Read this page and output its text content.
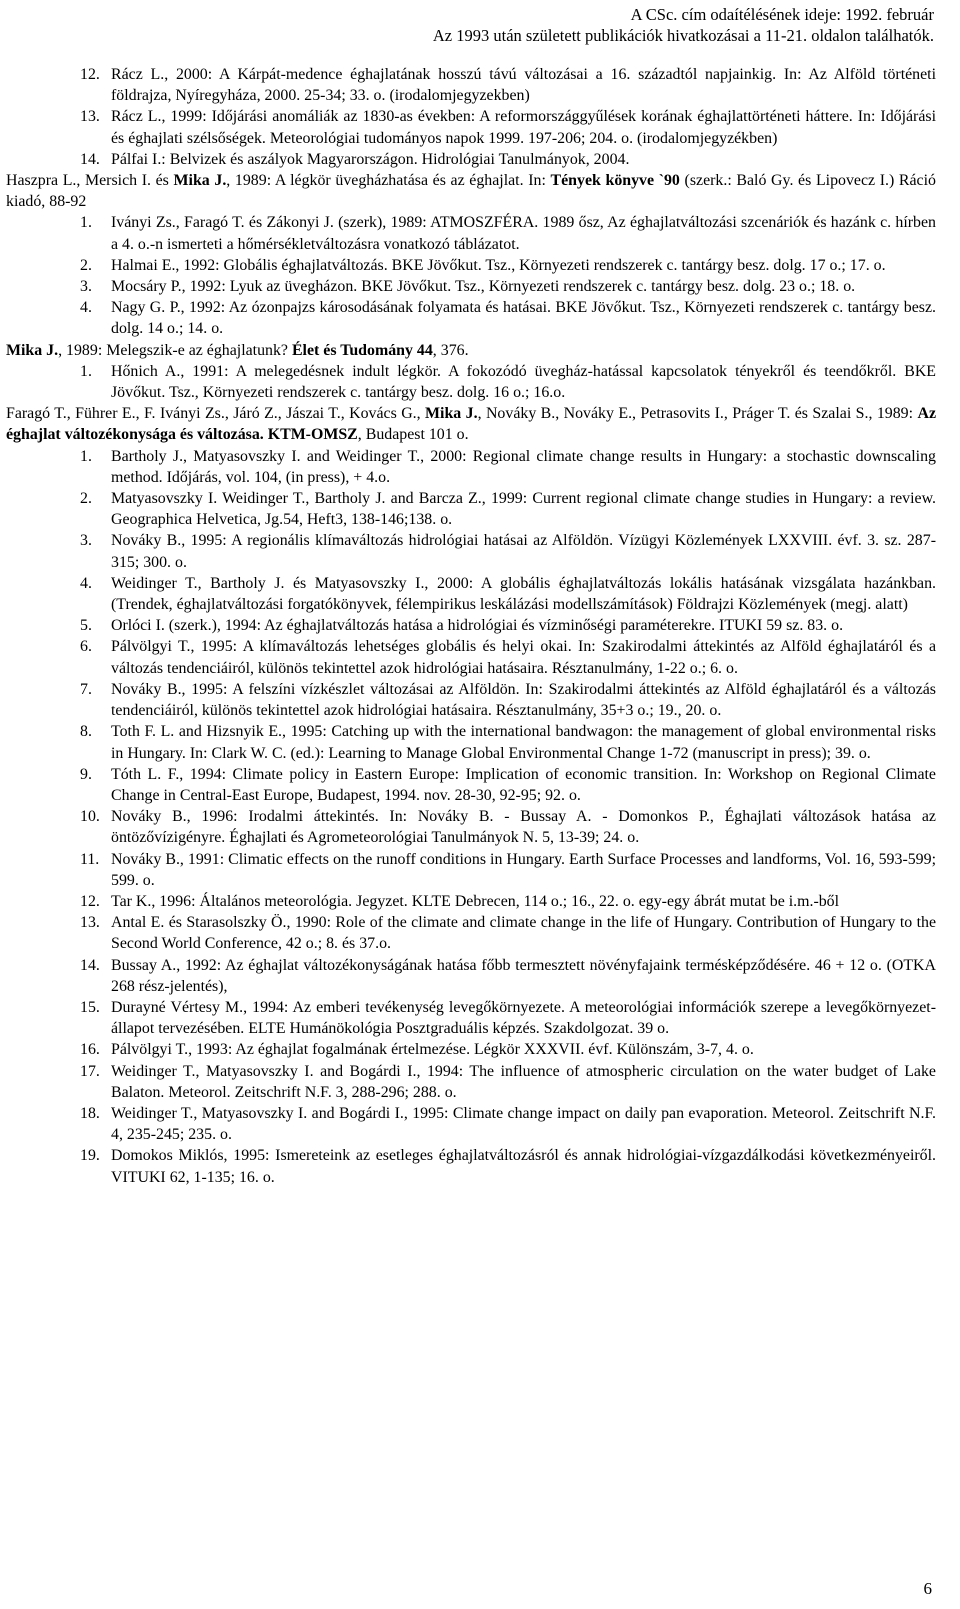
A CSc. cím odaítélésének ideje: 1992. február
Az 1993 után született publikációk hivatkozásai a 11-21. oldalon találhatók.
12. Rácz L., 2000: A Kárpát-medence éghajlatának hosszú távú változásai a 16. századtól napjainkig. In: Az Alföld történeti földrajza, Nyíregyháza, 2000. 25-34; 33. o. (irodalomjegyzekben)
13. Rácz L., 1999: Időjárási anomáliák az 1830-as években: A reformországgyűlések korának éghajlattörténeti háttere. In: Időjárási és éghajlati szélsőségek. Meteorológiai tudományos napok 1999. 197-206; 204. o. (irodalomjegyzékben)
14. Pálfai I.: Belvizek és aszályok Magyarországon. Hidrológiai Tanulmányok, 2004.
Haszpra L., Mersich I. és Mika J., 1989: A légkör üvegházhatása és az éghajlat. In: Tények könyve `90 (szerk.: Baló Gy. és Lipovecz I.) Ráció kiadó, 88-92
1.	Iványi Zs., Faragó T. és Zákonyi J. (szerk), 1989: ATMOSZFÉRA. 1989 ősz, Az éghajlatváltozási szcenáriók és hazánk c. hírben a 4. o.-n ismerteti a hőmérsékletváltozásra vonatkozó táblázatot.
2.	Halmai E., 1992: Globális éghajlatváltozás. BKE Jövőkut. Tsz., Környezeti rendszerek c. tantárgy besz. dolg. 17 o.; 17. o.
3.	Mocsáry P., 1992: Lyuk az üvegházon. BKE Jövőkut. Tsz., Környezeti rendszerek c. tantárgy besz. dolg. 23 o.; 18. o.
4.	Nagy G. P., 1992: Az ózonpajzs károsodásának folyamata és hatásai. BKE Jövőkut. Tsz., Környezeti rendszerek c. tantárgy besz. dolg. 14 o.; 14. o.
Mika J., 1989: Melegszik-e az éghajlatunk? Élet és Tudomány 44, 376.
1.	Hőnich A., 1991: A melegedésnek indult légkör. A fokozódó üvegház-hatással kapcsolatok tényekről és teendőkről. BKE Jövőkut. Tsz., Környezeti rendszerek c. tantárgy besz. dolg. 16 o.; 16.o.
Faragó T., Führer E., F. Iványi Zs., Járó Z., Jászai T., Kovács G., Mika J., Nováky B., Nováky E., Petrasovits I., Práger T. és Szalai S., 1989: Az éghajlat változékonysága és változása. KTM-OMSZ, Budapest 101 o.
1.	Bartholy J., Matyasovszky I. and Weidinger T., 2000: Regional climate change results in Hungary: a stochastic downscaling method. Időjárás, vol. 104, (in press), + 4.o.
2.	Matyasovszky I. Weidinger T., Bartholy J. and Barcza Z., 1999: Current regional climate change studies in Hungary: a review. Geographica Helvetica, Jg.54, Heft3, 138-146;138. o.
3.	Nováky B., 1995: A regionális klímaváltozás hidrológiai hatásai az Alföldön. Vízügyi Közlemények LXXVIII. évf. 3. sz. 287-315; 300. o.
4.	Weidinger T., Bartholy J. és Matyasovszky I., 2000: A globális éghajlatváltozás lokális hatásának vizsgálata hazánkban. (Trendek, éghajlatváltozási forgatókönyvek, félempirikus leskálázási modellszámítások) Földrajzi Közlemények (megj. alatt)
5.	Orlóci I. (szerk.), 1994: Az éghajlatváltozás hatása a hidrológiai és vízminőségi paraméterekre. ITUKI 59 sz. 83. o.
6.	Pálvölgyi T., 1995: A klímaváltozás lehetséges globális és helyi okai. In: Szakirodalmi áttekintés az Alföld éghajlatáról és a változás tendenciáiról, különös tekintettel azok hidrológiai hatásaira. Résztanulmány, 1-22 o.; 6. o.
7.	Nováky B., 1995: A felszíni vízkészlet változásai az Alföldön. In: Szakirodalmi áttekintés az Alföld éghajlatáról és a változás tendenciáiról, különös tekintettel azok hidrológiai hatásaira. Résztanulmány, 35+3 o.; 19., 20. o.
8.	Toth F. L. and Hizsnyik E., 1995: Catching up with the international bandwagon: the management of global environmental risks in Hungary. In: Clark W. C. (ed.): Learning to Manage Global Environmental Change 1-72 (manuscript in press); 39. o.
9.	Tóth L. F., 1994: Climate policy in Eastern Europe: Implication of economic transition. In: Workshop on Regional Climate Change in Central-East Europe, Budapest, 1994. nov. 28-30, 92-95; 92. o.
10. Nováky B., 1996: Irodalmi áttekintés. In: Nováky B. - Bussay A. - Domonkos P., Éghajlati változások hatása az öntözővízigényre. Éghajlati és Agrometeorológiai Tanulmányok N. 5, 13-39; 24. o.
11. Nováky B., 1991: Climatic effects on the runoff conditions in Hungary. Earth Surface Processes and landforms, Vol. 16, 593-599; 599. o.
12. Tar K., 1996: Általános meteorológia. Jegyzet. KLTE Debrecen, 114 o.; 16., 22. o. egy-egy ábrát mutat be i.m.-ből
13. Antal E. és Starasolszky Ö., 1990: Role of the climate and climate change in the life of Hungary. Contribution of Hungary to the Second World Conference, 42 o.; 8. és 37.o.
14. Bussay A., 1992: Az éghajlat változékonyságának hatása főbb termesztett növényfajaink termésképződésére. 46 + 12 o. (OTKA 268 rész-jelentés),
15. Durayné Vértesy M., 1994: Az emberi tevékenység levegőkörnyezete. A meteorológiai információk szerepe a levegőkörnyezet-állapot tervezésében. ELTE Humánökológia Posztgraduális képzés. Szakdolgozat. 39 o.
16. Pálvölgyi T., 1993: Az éghajlat fogalmának értelmezése. Légkör XXXVII. évf. Különszám, 3-7, 4. o.
17. Weidinger T., Matyasovszky I. and Bogárdi I., 1994: The influence of atmospheric circulation on the water budget of Lake Balaton. Meteorol. Zeitschrift N.F. 3, 288-296; 288. o.
18. Weidinger T., Matyasovszky I. and Bogárdi I., 1995: Climate change impact on daily pan evaporation. Meteorol. Zeitschrift N.F. 4, 235-245; 235. o.
19. Domokos Miklós, 1995: Ismereteink az esetleges éghajlatváltozásról és annak hidrológiai-vízgazdálkodási következményeiről. VITUKI 62, 1-135; 16. o.
6
